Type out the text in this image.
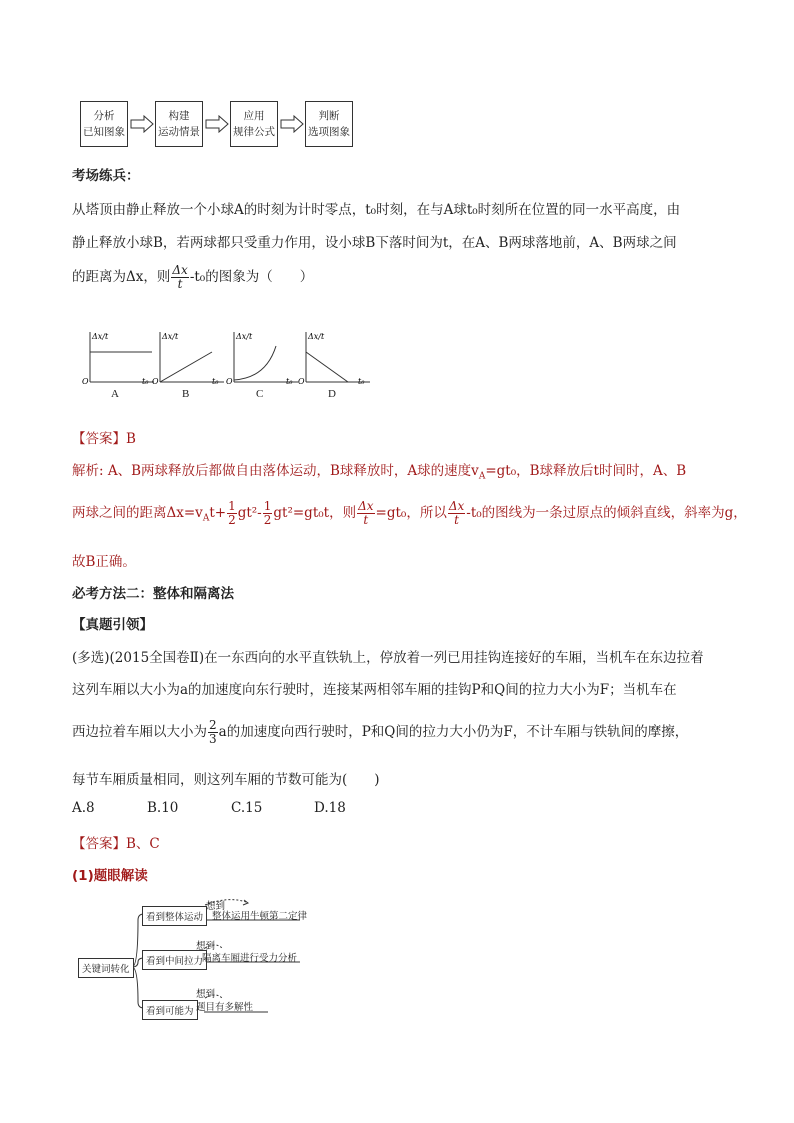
分析
已知图象
构建
运动情景
应用
规律公式
判断
选项图象
考场练兵：
从塔顶由静止释放一个小球A的时刻为计时零点，t₀时刻，在与A球t₀时刻所在位置的同一水平高度，由
静止释放小球B，若两球都只受重力作用，设小球B下落时间为t，在A、B两球落地前，A、B两球之间
的距离为Δx，则 $\frac{\Delta x}{t} -t_0$的图象为（　　）
Δx/t
O	t₀
Δx/t
O	t₀
Δx/t
O	t₀
Δx/t
O	t₀
A	B	C	D
【答案】B
解析: A、B两球释放后都做自由落体运动，B球释放时，A球的速度$v_A=gt_0$，B球释放后t时间时，A、B
两球之间的距离$\Delta x=v_At+ \frac{1}{2} gt^2- \frac{1}{2} gt^2=gt_0t$，则 $\frac{\Delta x}{t} =gt_0$，所以 $\frac{\Delta x}{t} -t_0$的图线为一条过原点的倾斜直线，斜率为g，
故B正确。
必考方法二：整体和隔离法
【真题引领】
(多选)(2015全国卷Ⅱ)在一东西向的水平直铁轨上，停放着一列已用挂钩连接好的车厢，当机车在东边拉着
这列车厢以大小为a的加速度向东行驶时，连接某两相邻车厢的挂钩P和Q间的拉力大小为F；当机车在
西边拉着车厢以大小为 $\frac{2}{3}$ a的加速度向西行驶时，P和Q间的拉力大小仍为F，不计车厢与铁轨间的摩擦，
每节车厢质量相同，则这列车厢的节数可能为(　　)
A.8	B.10	C.15	D.18
【答案】B、C
(1)题眼解读
关键词转化
看到整体运动
想到
整体运用牛顿第二定律
看到中间拉力
想到
隔离车厢进行受力分析
看到可能为
想到
题目有多解性
